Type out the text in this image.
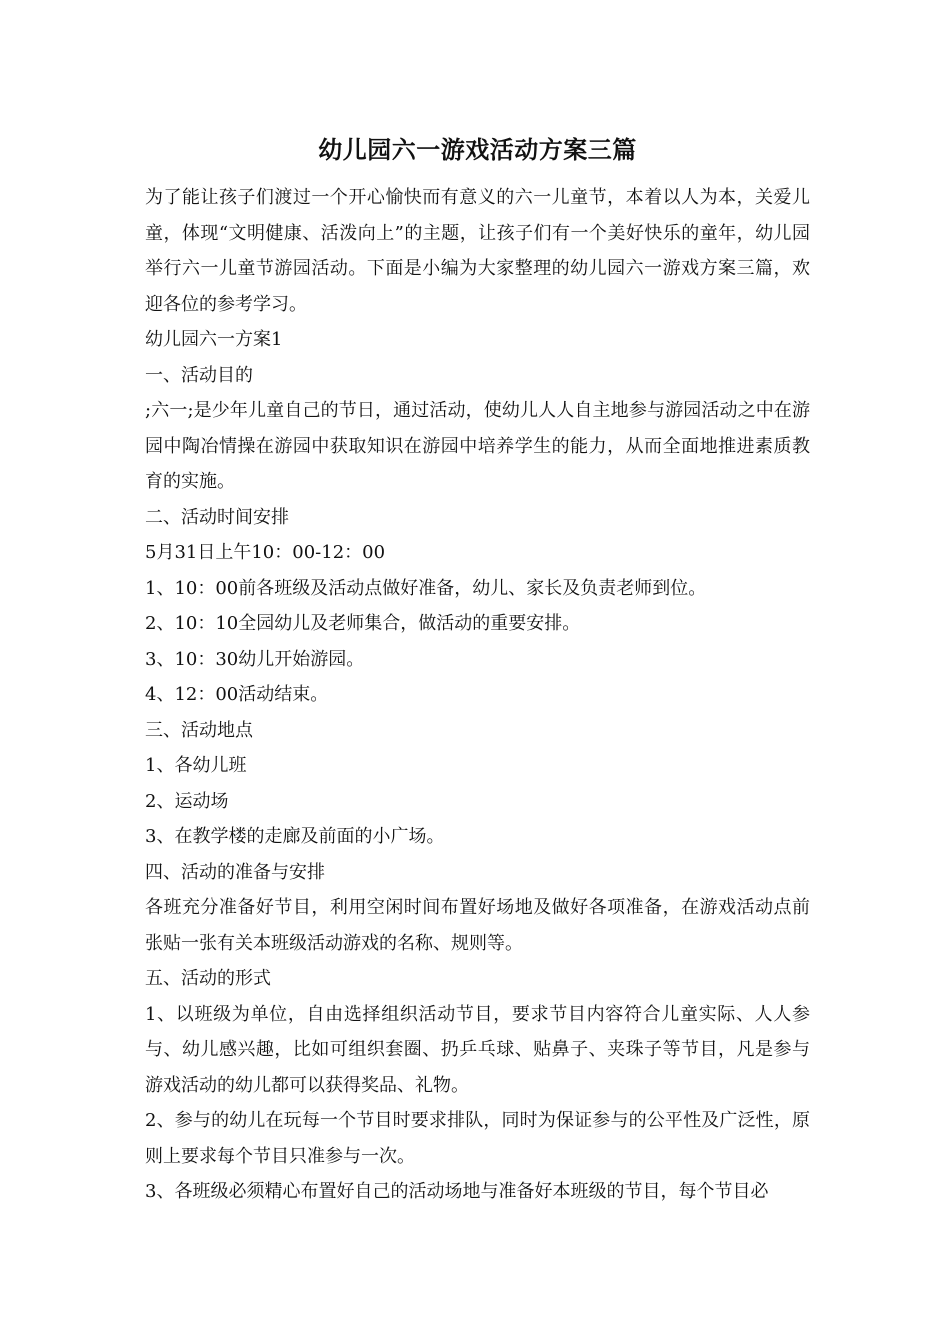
幼儿园六一游戏活动方案三篇

为了能让孩子们渡过一个开心愉快而有意义的六一儿童节，本着以人为本，关爱儿童，体现“文明健康、活泼向上”的主题，让孩子们有一个美好快乐的童年，幼儿园举行六一儿童节游园活动。下面是小编为大家整理的幼儿园六一游戏方案三篇，欢迎各位的参考学习。

幼儿园六一方案1

一、活动目的

;六一;是少年儿童自己的节日，通过活动，使幼儿人人自主地参与游园活动之中在游园中陶冶情操在游园中获取知识在游园中培养学生的能力，从而全面地推进素质教育的实施。

二、活动时间安排

5月31日上午10：00-12：00

1、10：00前各班级及活动点做好准备，幼儿、家长及负责老师到位。

2、10：10全园幼儿及老师集合，做活动的重要安排。

3、10：30幼儿开始游园。

4、12：00活动结束。

三、活动地点

1、各幼儿班

2、运动场

3、在教学楼的走廊及前面的小广场。

四、活动的准备与安排

各班充分准备好节目，利用空闲时间布置好场地及做好各项准备，在游戏活动点前张贴一张有关本班级活动游戏的名称、规则等。

五、活动的形式

1、以班级为单位，自由选择组织活动节目，要求节目内容符合儿童实际、人人参与、幼儿感兴趣，比如可组织套圈、扔乒乓球、贴鼻子、夹珠子等节目，凡是参与游戏活动的幼儿都可以获得奖品、礼物。

2、参与的幼儿在玩每一个节目时要求排队，同时为保证参与的公平性及广泛性，原则上要求每个节目只准参与一次。

3、各班级必须精心布置好自己的活动场地与准备好本班级的节目，每个节目必
